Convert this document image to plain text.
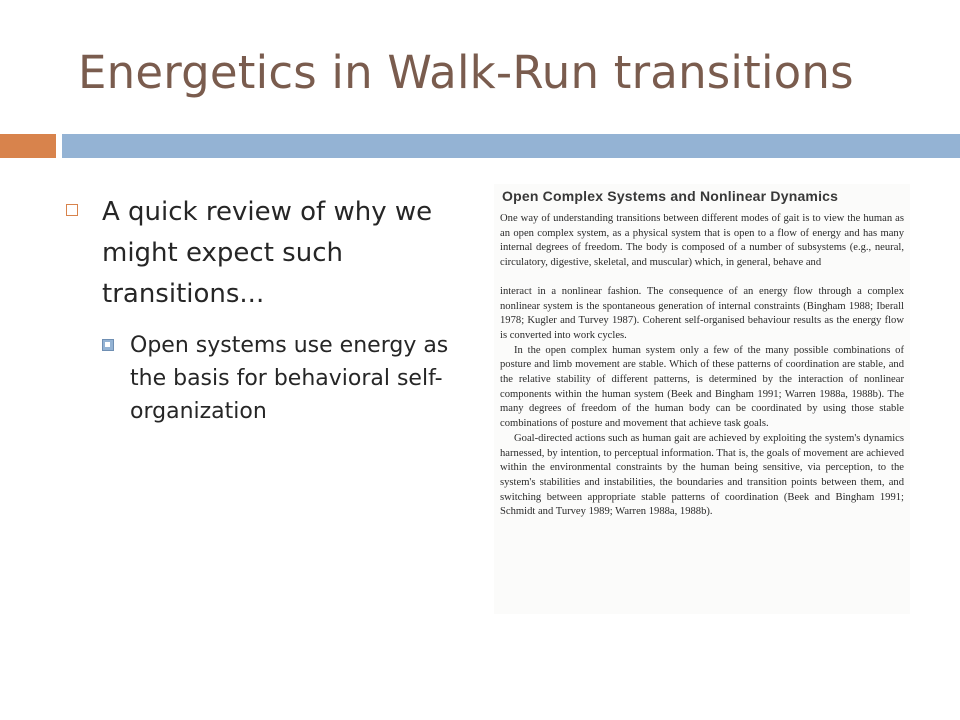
Energetics in Walk-Run transitions
A quick review of why we might expect such transitions...
Open systems use energy as the basis for behavioral self-organization
Open Complex Systems and Nonlinear Dynamics

One way of understanding transitions between different modes of gait is to view the human as an open complex system, as a physical system that is open to a flow of energy and has many internal degrees of freedom. The body is composed of a number of subsystems (e.g., neural, circulatory, digestive, skeletal, and muscular) which, in general, behave and

interact in a nonlinear fashion. The consequence of an energy flow through a complex nonlinear system is the spontaneous generation of internal constraints (Bingham 1988; Iberall 1978; Kugler and Turvey 1987). Coherent self-organised behaviour results as the energy flow is converted into work cycles.

In the open complex human system only a few of the many possible combinations of posture and limb movement are stable. Which of these patterns of coordination are stable, and the relative stability of different patterns, is determined by the interaction of nonlinear components within the human system (Beek and Bingham 1991; Warren 1988a, 1988b). The many degrees of freedom of the human body can be coordinated by using those stable combinations of posture and movement that achieve task goals.

Goal-directed actions such as human gait are achieved by exploiting the system's dynamics harnessed, by intention, to perceptual information. That is, the goals of movement are achieved within the environmental constraints by the human being sensitive, via perception, to the system's stabilities and instabilities, the boundaries and transition points between them, and switching between appropriate stable patterns of coordination (Beek and Bingham 1991; Schmidt and Turvey 1989; Warren 1988a, 1988b).
